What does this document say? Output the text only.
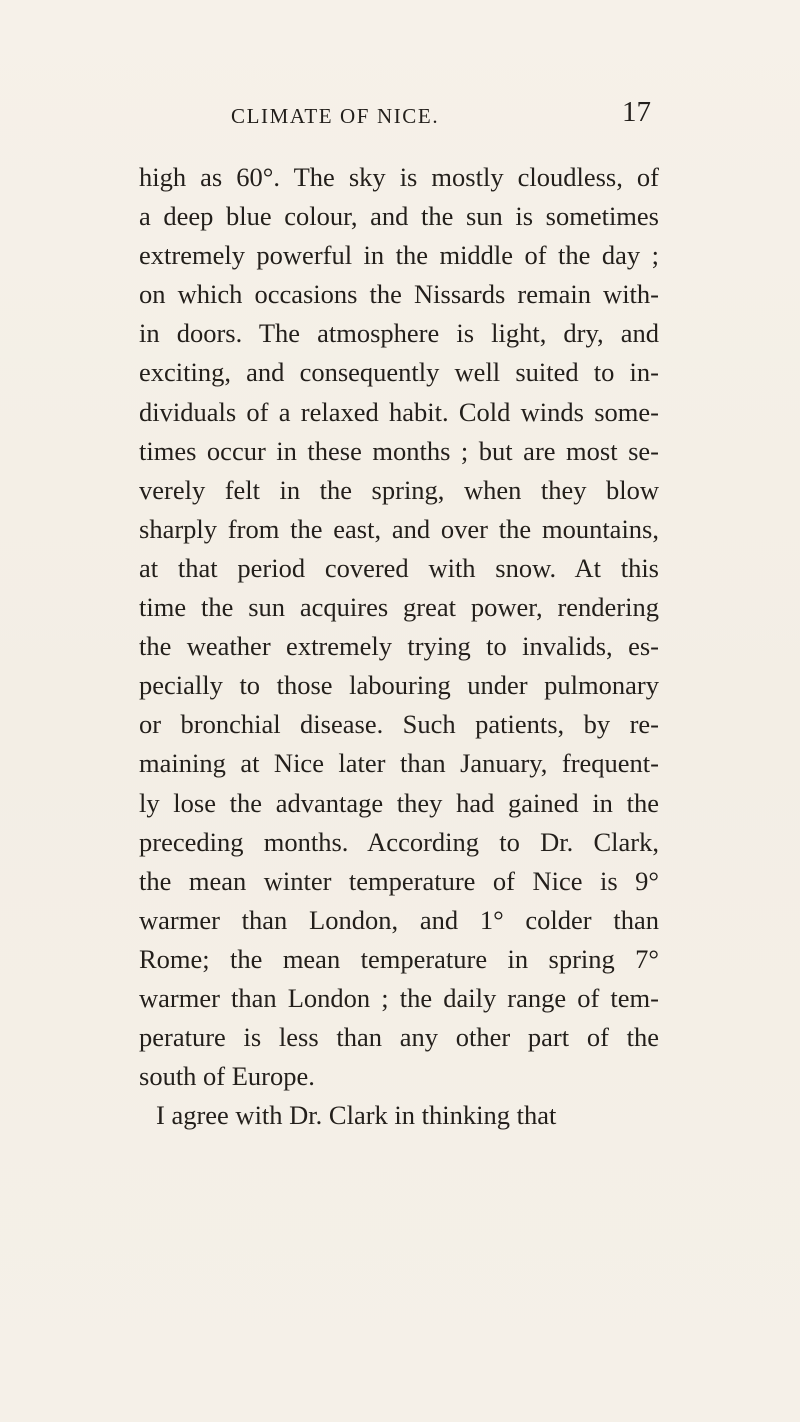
CLIMATE OF NICE.	17
high as 60°. The sky is mostly cloudless, of
a deep blue colour, and the sun is sometimes
extremely powerful in the middle of the day ;
on which occasions the Nissards remain with-
in doors. The atmosphere is light, dry, and
exciting, and consequently well suited to in-
dividuals of a relaxed habit. Cold winds some-
times occur in these months ; but are most se-
verely felt in the spring, when they blow
sharply from the east, and over the mountains,
at that period covered with snow. At this
time the sun acquires great power, rendering
the weather extremely trying to invalids, es-
pecially to those labouring under pulmonary
or bronchial disease. Such patients, by re-
maining at Nice later than January, frequent-
ly lose the advantage they had gained in the
preceding months. According to Dr. Clark,
the mean winter temperature of Nice is 9°
warmer than London, and 1° colder than
Rome; the mean temperature in spring 7°
warmer than London ; the daily range of tem-
perature is less than any other part of the
south of Europe.
I agree with Dr. Clark in thinking that
